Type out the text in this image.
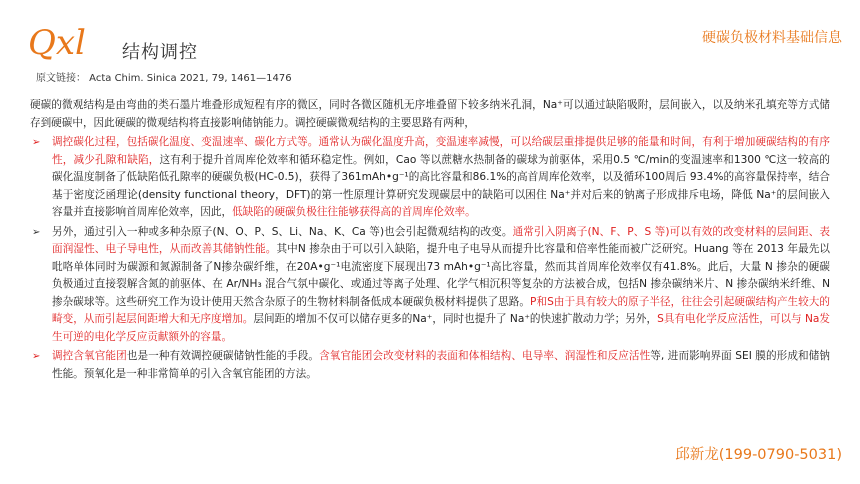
Qxl 结构调控
硬碳负极材料基础信息
原文链接： Acta Chim. Sinica 2021, 79, 1461—1476

硬碳的微观结构是由弯曲的类石墨片堆叠形成短程有序的微区，同时各微区随机无序堆叠留下较多纳米孔洞，Na⁺可以通过缺陷吸附，层间嵌入，以及纳米孔填充等方式储存到硬碳中，因此硬碳的微观结构将直接影响储钠能力。调控硬碳微观结构的主要思路有两种，

➢ 调控碳化过程，包括碳化温度、变温速率、碳化方式等。通常认为碳化温度升高，变温速率减慢，可以给碳层重排提供足够的能量和时间，有利于增加硬碳结构的有序性，减少孔隙和缺陷，这有利于提升首周库伦效率和循环稳定性。例如，Cao 等以蔗糖水热制备的碳球为前驱体，采用0.5 ℃/min的变温速率和1300 ℃这一较高的碳化温度制备了低缺陷低孔隙率的硬碳负极(HC-0.5)，获得了361mAh•g⁻¹的高比容量和86.1%的高首周库伦效率，以及循环100周后 93.4%的高容量保持率，结合基于密度泛函理论(density functional theory，DFT)的第一性原理计算研究发现碳层中的缺陷可以困住 Na⁺并对后来的钠离子形成排斥电场，降低 Na⁺的层间嵌入容量并直接影响首周库伦效率，因此，低缺陷的硬碳负极往往能够获得高的首周库伦效率。
➢ 另外，通过引入一种或多种杂原子(N、O、P、S、Li、Na、K、Ca 等)也会引起微观结构的改变。通常引入阴离子(N、F、P、S 等)可以有效的改变材料的层间距、表面润湿性、电子导电性，从而改善其储钠性能。其中N 掺杂由于可以引入缺陷，提升电子电导从而提升比容量和倍率性能而被广泛研究。Huang 等在 2013 年最先以吡咯单体同时为碳源和氮源制备了N掺杂碳纤维，在20A•g⁻¹电流密度下展现出73 mAh•g⁻¹高比容量，然而其首周库伦效率仅有41.8%。此后，大量 N 掺杂的硬碳负极通过直接裂解含氮的前驱体、在 Ar/NH₃ 混合气氛中碳化、或通过等离子处理、化学气相沉积等复杂的方法被合成，包括N 掺杂碳纳米片、N 掺杂碳纳米纤维、N 掺杂碳球等。这些研究工作为设计使用天然含杂原子的生物材料制备低成本硬碳负极材料提供了思路。P和S由于具有较大的原子半径，往往会引起硬碳结构产生较大的畸变，从而引起层间距增大和无序度增加。层间距的增加不仅可以储存更多的Na⁺，同时也提升了 Na⁺的快速扩散动力学；另外，S具有电化学反应活性，可以与 Na发生可逆的电化学反应贡献额外的容量。
➢ 调控含氧官能团也是一种有效调控硬碳储钠性能的手段。含氧官能团会改变材料的表面和体相结构、电导率、润湿性和反应活性等, 进而影响界面 SEI 膜的形成和储钠性能。预氧化是一种非常简单的引入含氧官能团的方法。
邱新龙(199-0790-5031)
